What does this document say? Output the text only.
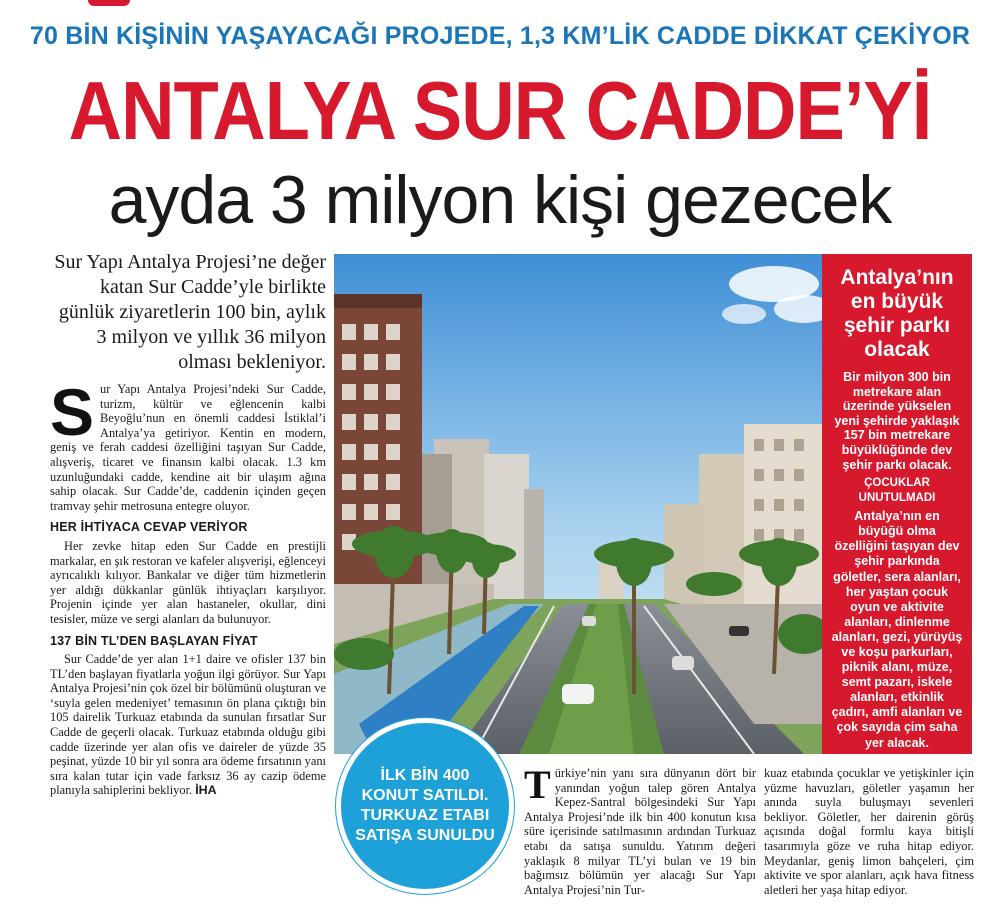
70 BİN KİŞİNİN YAŞAYACAĞI PROJEDE, 1,3 KM’LİK CADDE DİKKAT ÇEKİYOR
ANTALYA SUR CADDE’Yİ
ayda 3 milyon kişi gezecek
Sur Yapı Antalya Projesi’ne değer katan Sur Cadde’yle birlikte günlük ziyaretlerin 100 bin, aylık 3 milyon ve yıllık 36 milyon olması bekleniyor.

Sur Yapı Antalya Projesi’ndeki Sur Cadde, turizm, kültür ve eğlencenin kalbi Beyoğlu’nun en önemli caddesi İstiklal’i Antalya’ya getiriyor. Kentin en modern, geniş ve ferah caddesi özelliğini taşıyan Sur Cadde, alışveriş, ticaret ve finansın kalbi olacak. 1.3 km uzunluğundaki cadde, kendine ait bir ulaşım ağına sahip olacak. Sur Cadde’de, caddenin içinden geçen tramvay şehir metrosuna entegre oluyor.

HER İHTİYACA CEVAP VERİYOR

Her zevke hitap eden Sur Cadde en prestijli markalar, en şık restoran ve kafeler alışverişi, eğlenceyi ayrıcalıklı kılıyor. Bankalar ve diğer tüm hizmetlerin yer aldığı dükkanlar günlük ihtiyaçları karşılıyor. Projenin içinde yer alan hastaneler, okullar, dini tesisler, müze ve sergi alanları da bulunuyor.

137 BİN TL’DEN BAŞLAYAN FİYAT

Sur Cadde’de yer alan 1+1 daire ve ofisler 137 bin TL’den başlayan fiyatlarla yoğun ilgi görüyor. Sur Yapı Antalya Projesi’nin çok özel bir bölümünü oluşturan ve ‘suyla gelen medeniyet’ temasının ön plana çıktığı bin 105 dairelik Turkuaz etabında da sunulan fırsatlar Sur Cadde de geçerli olacak. Turkuaz etabında olduğu gibi cadde üzerinde yer alan ofis ve daireler de yüzde 35 peşinat, yüzde 10 bir yıl sonra ara ödeme fırsatının yanı sıra kalan tutar için vade farksız 36 ay cazip ödeme planıyla sahiplerini bekliyor. İHA

Antalya’nın en büyük şehir parkı olacak
Bir milyon 300 bin metrekare alan üzerinde yükselen yeni şehirde yaklaşık 157 bin metrekare büyüklüğünde dev şehir parkı olacak.
ÇOCUKLAR UNUTULMADI
Antalya’nın en büyüğü olma özelliğini taşıyan dev şehir parkında göletler, sera alanları, her yaştan çocuk oyun ve aktivite alanları, dinlenme alanları, gezi, yürüyüş ve koşu parkurları, piknik alanı, müze, semt pazarı, iskele alanları, etkinlik çadırı, amfi alanları ve çok sayıda çim saha yer alacak.
İLK BİN 400 KONUT SATILDI. TURKUAZ ETABI SATIŞA SUNULDU

Türkiye’nin yanı sıra dünyanın dört bir yanından yoğun talep gören Antalya Kepez-Santral bölgesindeki Sur Yapı Antalya Projesi’nde ilk bin 400 konutun kısa süre içerisinde satılmasının ardından Turkuaz etabı da satışa sunuldu. Yatırım değeri yaklaşık 8 milyar TL’yi bulan ve 19 bin bağımsız bölümün yer alacağı Sur Yapı Antalya Projesi’nin Tur-

kuaz etabında çocuklar ve yetişkinler için yüzme havuzları, göletler yaşamın her anında suyla buluşmayı sevenleri bekliyor. Göletler, her dairenin görüş açısında doğal formlu kaya bitişli tasarımıyla göze ve ruha hitap ediyor. Meydanlar, geniş limon bahçeleri, çim aktivite ve spor alanları, açık hava fitness aletleri her yaşa hitap ediyor.
